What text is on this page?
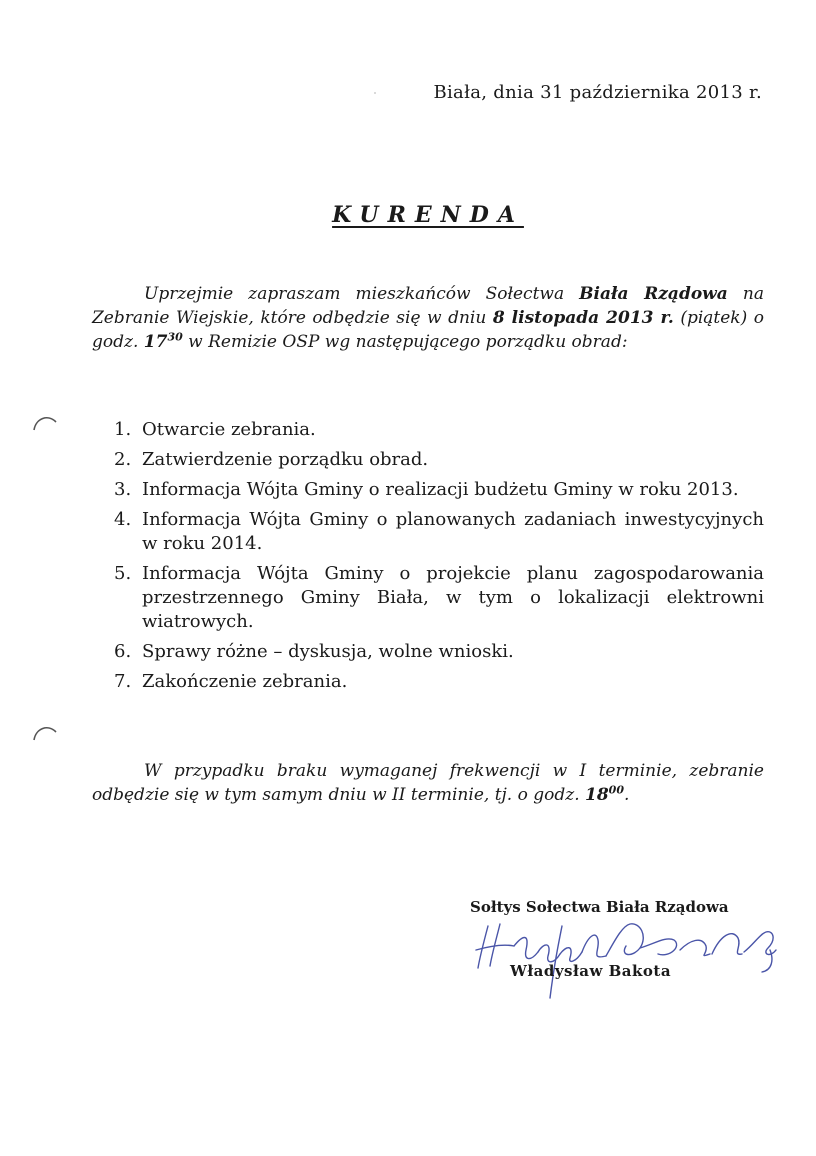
Biała, dnia 31 października 2013 r.
KURENDA

Uprzejmie zapraszam mieszkańców Sołectwa Biała Rządowa na Zebranie Wiejskie, które odbędzie się w dniu 8 listopada 2013 r. (piątek) o godz. $17^{30}$ w Remizie OSP wg następującego porządku obrad:

1. Otwarcie zebrania.
2. Zatwierdzenie porządku obrad.
3. Informacja Wójta Gminy o realizacji budżetu Gminy w roku 2013.
4. Informacja Wójta Gminy o planowanych zadaniach inwestycyjnych w roku 2014.
5. Informacja Wójta Gminy o projekcie planu zagospodarowania przestrzennego Gminy Biała, w tym o lokalizacji elektrowni wiatrowych.
6. Sprawy różne – dyskusja, wolne wnioski.
7. Zakończenie zebrania.

W przypadku braku wymaganej frekwencji w I terminie, zebranie odbędzie się w tym samym dniu w II terminie, tj. o godz. $18^{00}$.

Sołtys Sołectwa Biała Rządowa
Władysław Bakota
